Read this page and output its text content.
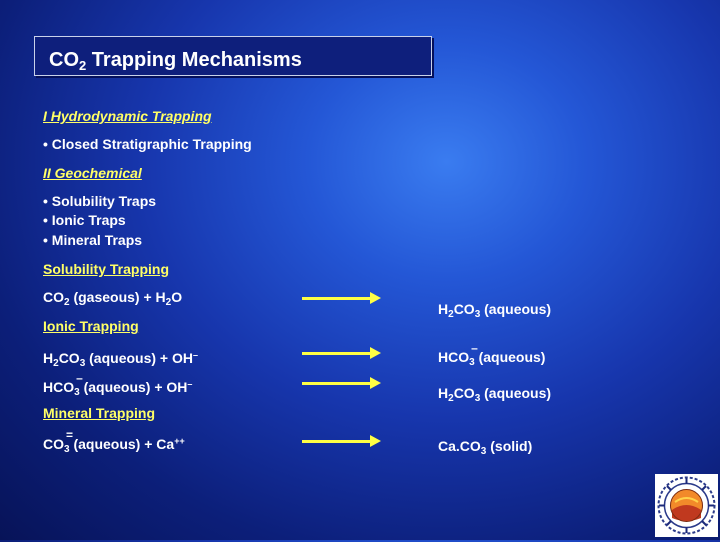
$CO_2$ Trapping Mechanisms
I Hydrodynamic Trapping
• Closed Stratigraphic Trapping
II Geochemical
• Solubility Traps
• Ionic Traps
• Mineral Traps
Solubility Trapping
$CO_2$ (gaseous) + $H_2O$
$H_2CO_3$ (aqueous)
Ionic Trapping
$H_2CO_3$ (aqueous) + OH–	$HCO_3$
–
(aqueous)
$HCO_3$
–
(aqueous) + OH–
$H_2CO_3$ (aqueous)
Mineral Trapping
$CO_3$
=
(aqueous) + Ca++	$Ca.CO_3$ (solid)
